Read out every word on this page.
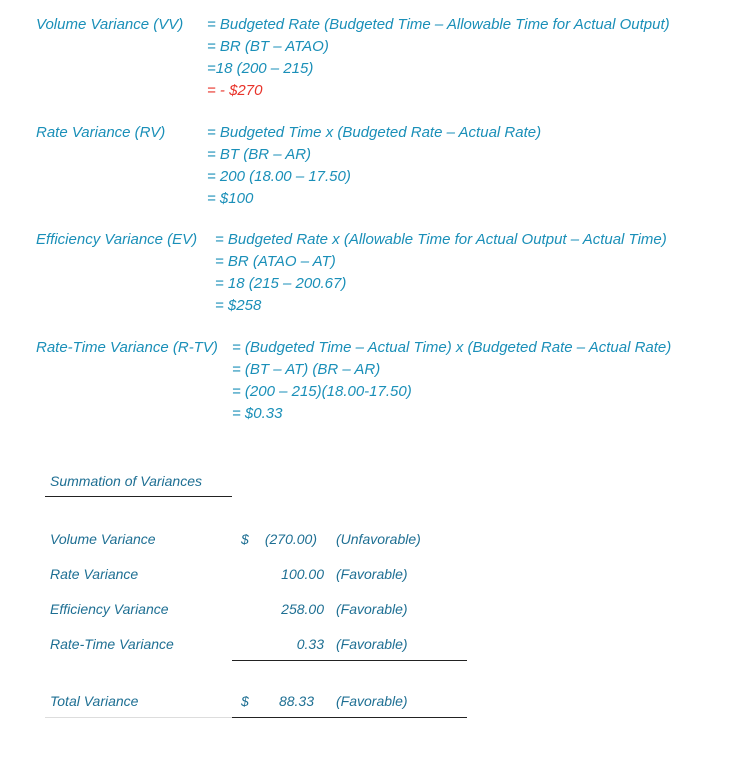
Volume Variance (VV) = Budgeted Rate (Budgeted Time – Allowable Time for Actual Output)
= BR (BT – ATAO)
=18 (200 – 215)
= - $270
Rate Variance (RV)	= Budgeted Time x (Budgeted Rate – Actual Rate)
= BT (BR – AR)
= 200 (18.00 – 17.50)
= $100
Efficiency Variance (EV) = Budgeted Rate x (Allowable Time for Actual Output – Actual Time)
= BR (ATAO – AT)
= 18 (215 – 200.67)
= $258
Rate-Time Variance (R-TV) = (Budgeted Time – Actual Time) x (Budgeted Rate – Actual Rate)
= (BT – AT) (BR – AR)
= (200 – 215)(18.00-17.50)
= $0.33
Summation of Variances
Volume Variance	$	(270.00) (Unfavorable)
Rate Variance	100.00 (Favorable)
Efficiency Variance	258.00 (Favorable)
Rate-Time Variance	0.33 (Favorable)
Total Variance	$	88.33 (Favorable)
